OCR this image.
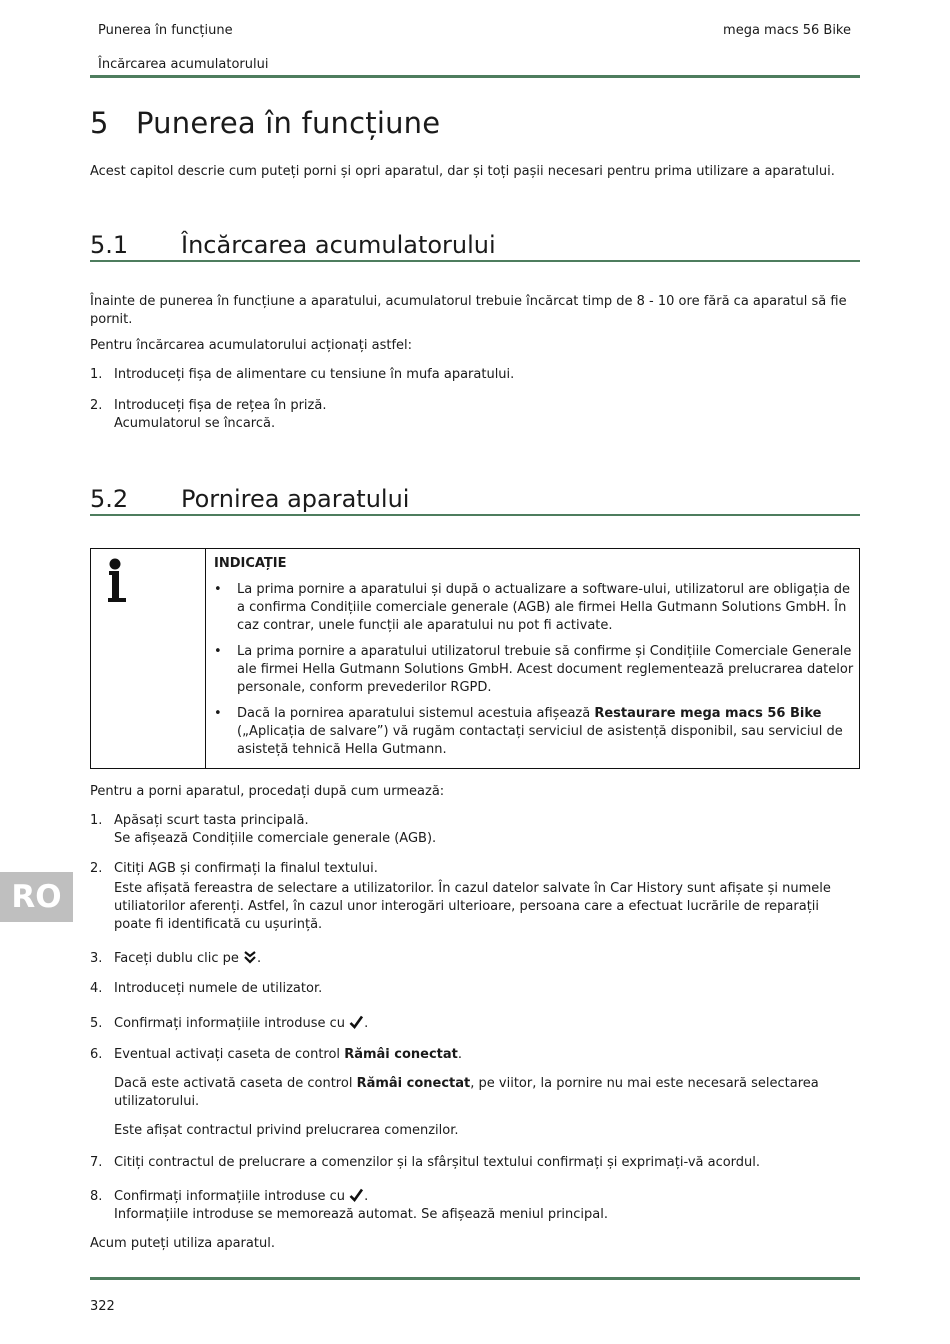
Punerea în funcțiune	mega macs 56 Bike
Încărcarea acumulatorului
5 Punerea în funcțiune

Acest capitol descrie cum puteți porni și opri aparatul, dar și toți pașii necesari pentru prima utilizare a aparatului.

5.1 Încărcarea acumulatorului

Înainte de punerea în funcțiune a aparatului, acumulatorul trebuie încărcat timp de 8 - 10 ore fără ca aparatul să fie pornit.

Pentru încărcarea acumulatorului acționați astfel:

1. Introduceți fișa de alimentare cu tensiune în mufa aparatului.

2. Introduceți fișa de rețea în priză.

Acumulatorul se încarcă.

5.2 Pornirea aparatului
INDICAȚIE
• La prima pornire a aparatului și după o actualizare a software-ului, utilizatorul are obligația de a confirma Condițiile comerciale generale (AGB) ale firmei Hella Gutmann Solutions GmbH. În caz contrar, unele funcții ale aparatului nu pot fi activate.
• La prima pornire a aparatului utilizatorul trebuie să confirme și Condițiile Comerciale Generale ale firmei Hella Gutmann Solutions GmbH. Acest document reglementează prelucrarea datelor personale, conform prevederilor RGPD.
• Dacă la pornirea aparatului sistemul acestuia afișează Restaurare mega macs 56 Bike („Aplicația de salvare”) vă rugăm contactați serviciul de asistență disponibil, sau serviciul de asisteță tehnică Hella Gutmann.

Pentru a porni aparatul, procedați după cum urmează:

1. Apăsați scurt tasta principală.

Se afișează Condițiile comerciale generale (AGB).

2. Citiți AGB și confirmați la finalul textului.

Este afișată fereastra de selectare a utilizatorilor. În cazul datelor salvate în Car History sunt afișate și numele utiliatorilor aferenți. Astfel, în cazul unor interogări ulterioare, persoana care a efectuat lucrările de reparații poate fi identificată cu ușurință.

3. Faceți dublu clic pe .
4. Introduceți numele de utilizator.
5. Confirmați informațiile introduse cu .
6. Eventual activați caseta de control Rămâi conectat.

Dacă este activată caseta de control Rămâi conectat, pe viitor, la pornire nu mai este necesară selectarea utilizatorului.

Este afișat contractul privind prelucrarea comenzilor.

7. Citiți contractul de prelucrare a comenzilor și la sfârșitul textului confirmați și exprimați-vă acordul.
8. Confirmați informațiile introduse cu .

Informațiile introduse se memorează automat. Se afișează meniul principal.

Acum puteți utiliza aparatul.

RO
322
